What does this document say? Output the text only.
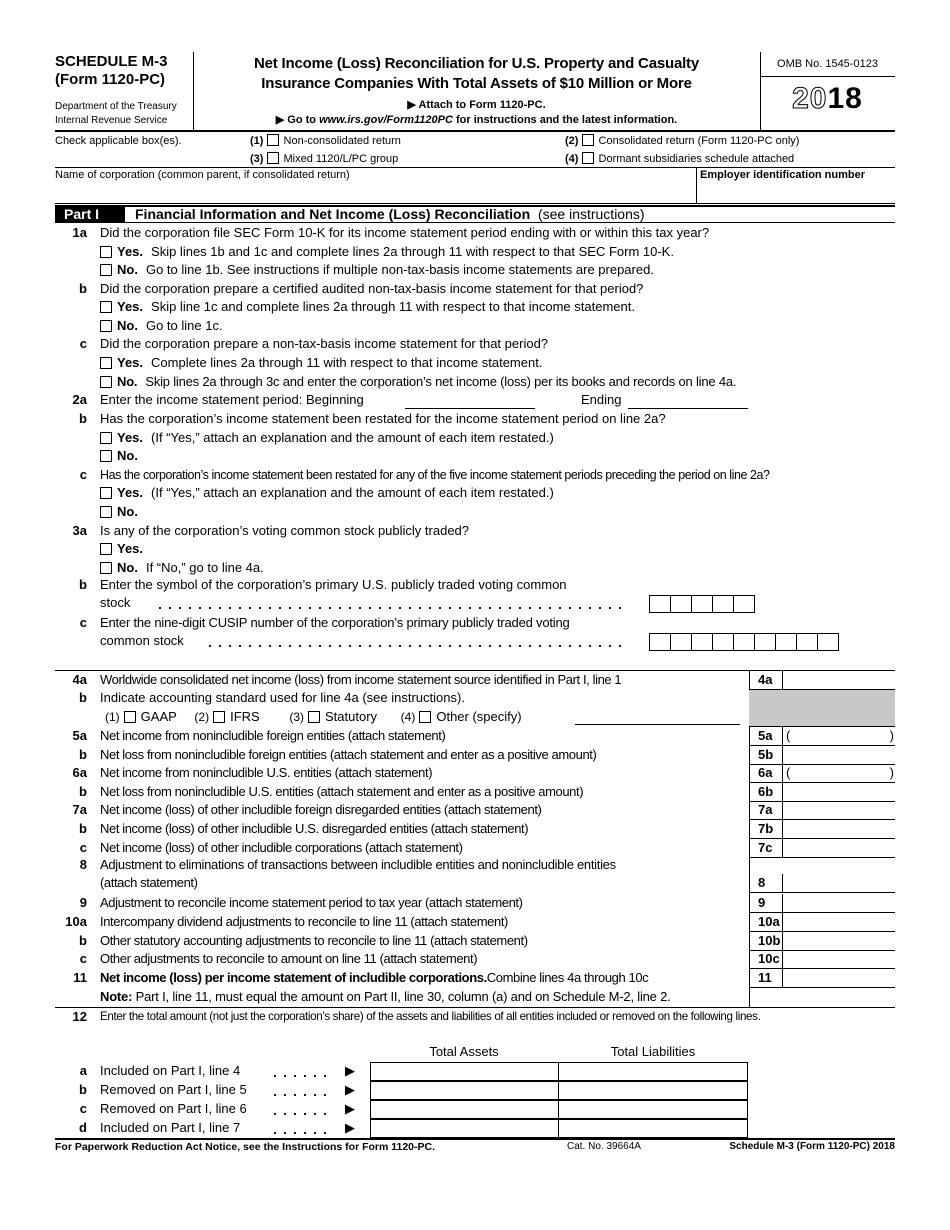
SCHEDULE M-3
(Form 1120-PC)
Department of the Treasury
Internal Revenue Service
Net Income (Loss) Reconciliation for U.S. Property and Casualty
Insurance Companies With Total Assets of $10 Million or More
▶ Attach to Form 1120-PC.
▶ Go to www.irs.gov/Form1120PC for instructions and the latest information.
OMB No. 1545-0123
2018
Check applicable box(es).	(1) Non-consolidated return	(2) Consolidated return (Form 1120-PC only)
(3) Mixed 1120/L/PC group	(4) Dormant subsidiaries schedule attached
Name of corporation (common parent, if consolidated return)	Employer identification number
Part I	Financial Information and Net Income (Loss) Reconciliation (see instructions)
1a Did the corporation file SEC Form 10-K for its income statement period ending with or within this tax year?
Yes. Skip lines 1b and 1c and complete lines 2a through 11 with respect to that SEC Form 10-K.
No. Go to line 1b. See instructions if multiple non-tax-basis income statements are prepared.
b Did the corporation prepare a certified audited non-tax-basis income statement for that period?
Yes. Skip line 1c and complete lines 2a through 11 with respect to that income statement.
No. Go to line 1c.
c Did the corporation prepare a non-tax-basis income statement for that period?
Yes. Complete lines 2a through 11 with respect to that income statement.
No. Skip lines 2a through 3c and enter the corporation’s net income (loss) per its books and records on line 4a.
2a Enter the income statement period: Beginning	Ending
b Has the corporation’s income statement been restated for the income statement period on line 2a?
Yes. (If “Yes,” attach an explanation and the amount of each item restated.)
No.
c Has the corporation’s income statement been restated for any of the five income statement periods preceding the period on line 2a?
Yes. (If “Yes,” attach an explanation and the amount of each item restated.)
No.
3a Is any of the corporation’s voting common stock publicly traded?
Yes.
No. If “No,” go to line 4a.
b Enter the symbol of the corporation’s primary U.S. publicly traded voting common
stock
c Enter the nine-digit CUSIP number of the corporation’s primary publicly traded voting
common stock
4a Worldwide consolidated net income (loss) from income statement source identified in Part I, line 1	4a
5a Net income from nonincludible foreign entities (attach statement)	5a	(	)
b Net loss from nonincludible foreign entities (attach statement and enter as a positive amount)	5b
6a Net income from nonincludible U.S. entities (attach statement)	6a	(	)
b Net loss from nonincludible U.S. entities (attach statement and enter as a positive amount)	6b
7a Net income (loss) of other includible foreign disregarded entities (attach statement)	7a
b Net income (loss) of other includible U.S. disregarded entities (attach statement)	7b
c Net income (loss) of other includible corporations (attach statement)	7c
8 Adjustment to eliminations of transactions between includible entities and nonincludible entities
(attach statement)	8
9 Adjustment to reconcile income statement period to tax year (attach statement)	9
10a Intercompany dividend adjustments to reconcile to line 11 (attach statement)	10a
b Other statutory accounting adjustments to reconcile to line 11 (attach statement)	10b
c Other adjustments to reconcile to amount on line 11 (attach statement)	10c
11 Net income (loss) per income statement of includible corporations. Combine lines 4a through 10c	11
b Indicate accounting standard used for line 4a (see instructions).
(1) GAAP (2) IFRS (3) Statutory (4) Other (specify)
Note: Part I, line 11, must equal the amount on Part II, line 30, column (a) and on Schedule M-2, line 2.
12 Enter the total amount (not just the corporation’s share) of the assets and liabilities of all entities included or removed on the following lines.
Total Assets	Total Liabilities
a Included on Part I, line 4	▶
b Removed on Part I, line 5	▶
c Removed on Part I, line 6	▶
d Included on Part I, line 7	▶
For Paperwork Reduction Act Notice, see the Instructions for Form 1120-PC.	Cat. No. 39664A	Schedule M-3 (Form 1120-PC) 2018
